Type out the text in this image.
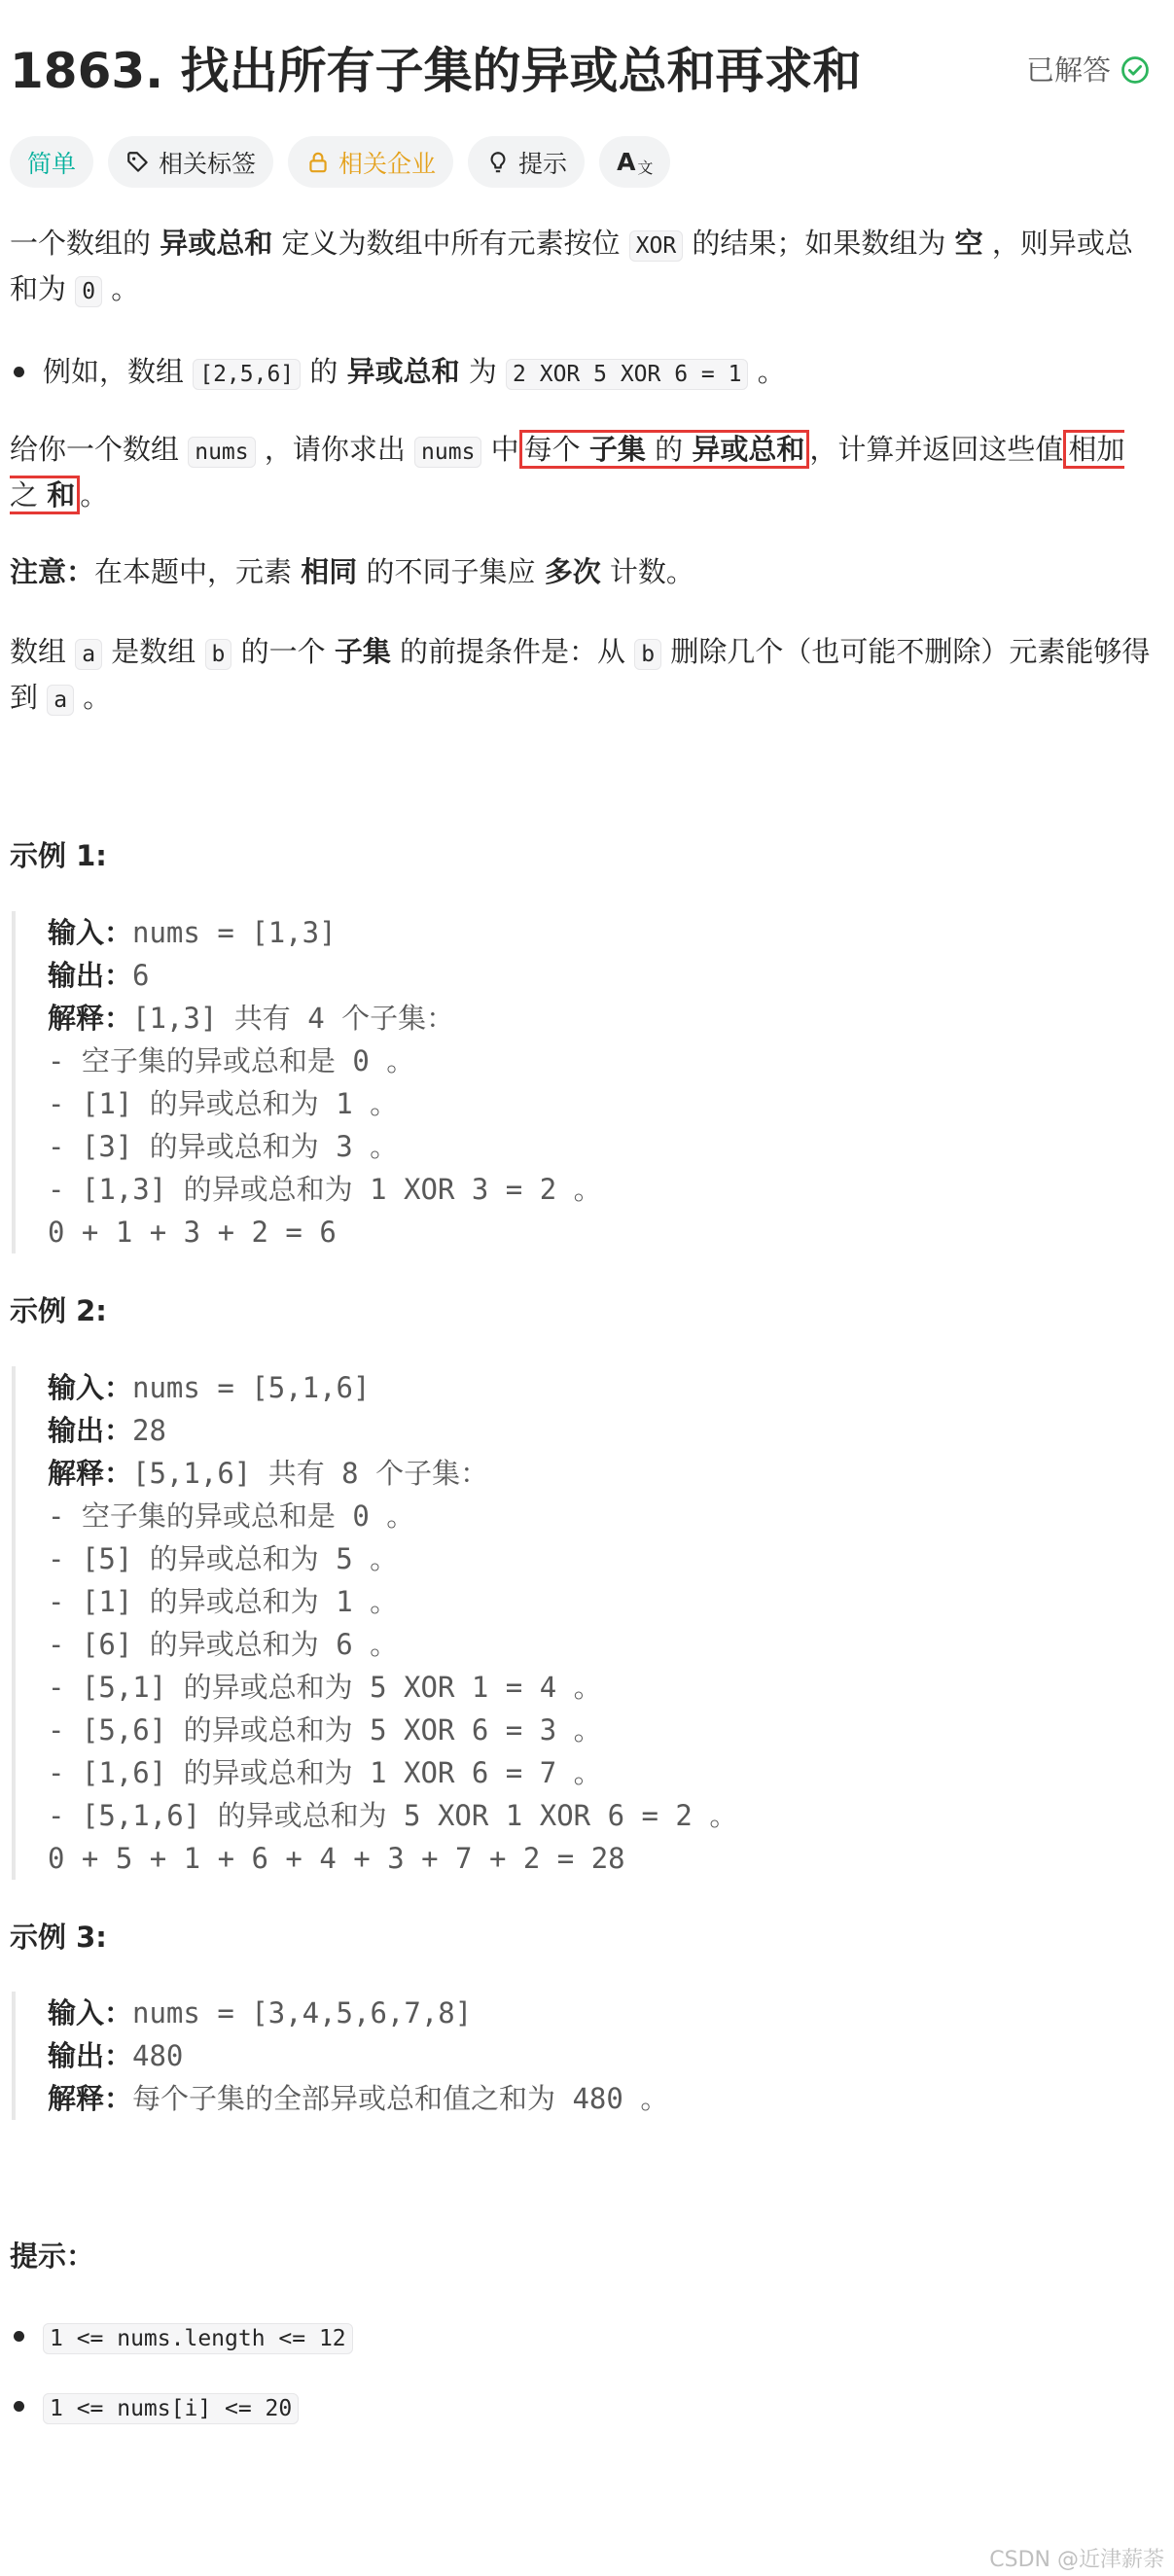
1863. 找出所有子集的异或总和再求和	已解答
简单	相关标签	相关企业	提示 A 文
一个数组的 异或总和 定义为数组中所有元素按位 XOR 的结果；如果数组为 空 ，则异或总和为 0 。
例如，数组 [2,5,6] 的 异或总和 为 2 XOR 5 XOR 6 = 1 。
给你一个数组 nums ，请你求出 nums 中 每个 子集 的 异或总和 ，计算并返回这些值 相加之 和 。
注意：在本题中，元素 相同 的不同子集应 多次 计数。
数组 a 是数组 b 的一个 子集 的前提条件是：从 b 删除几个（也可能不删除）元素能够得到 a 。
示例 1:
输入：nums = [1,3]
输出：6
解释：[1,3] 共有 4 个子集：
- 空子集的异或总和是 0 。
- [1] 的异或总和为 1 。
- [3] 的异或总和为 3 。
- [1,3] 的异或总和为 1 XOR 3 = 2 。
0 + 1 + 3 + 2 = 6
示例 2:
输入：nums = [5,1,6]
输出：28
解释：[5,1,6] 共有 8 个子集：
- 空子集的异或总和是 0 。
- [5] 的异或总和为 5 。
- [1] 的异或总和为 1 。
- [6] 的异或总和为 6 。
- [5,1] 的异或总和为 5 XOR 1 = 4 。
- [5,6] 的异或总和为 5 XOR 6 = 3 。
- [1,6] 的异或总和为 1 XOR 6 = 7 。
- [5,1,6] 的异或总和为 5 XOR 1 XOR 6 = 2 。
0 + 5 + 1 + 6 + 4 + 3 + 7 + 2 = 28
示例 3:
输入：nums = [3,4,5,6,7,8]
输出：480
解释：每个子集的全部异或总和值之和为 480 。
提示：
1 <= nums.length <= 12
1 <= nums[i] <= 20
CSDN @近津薪荼
